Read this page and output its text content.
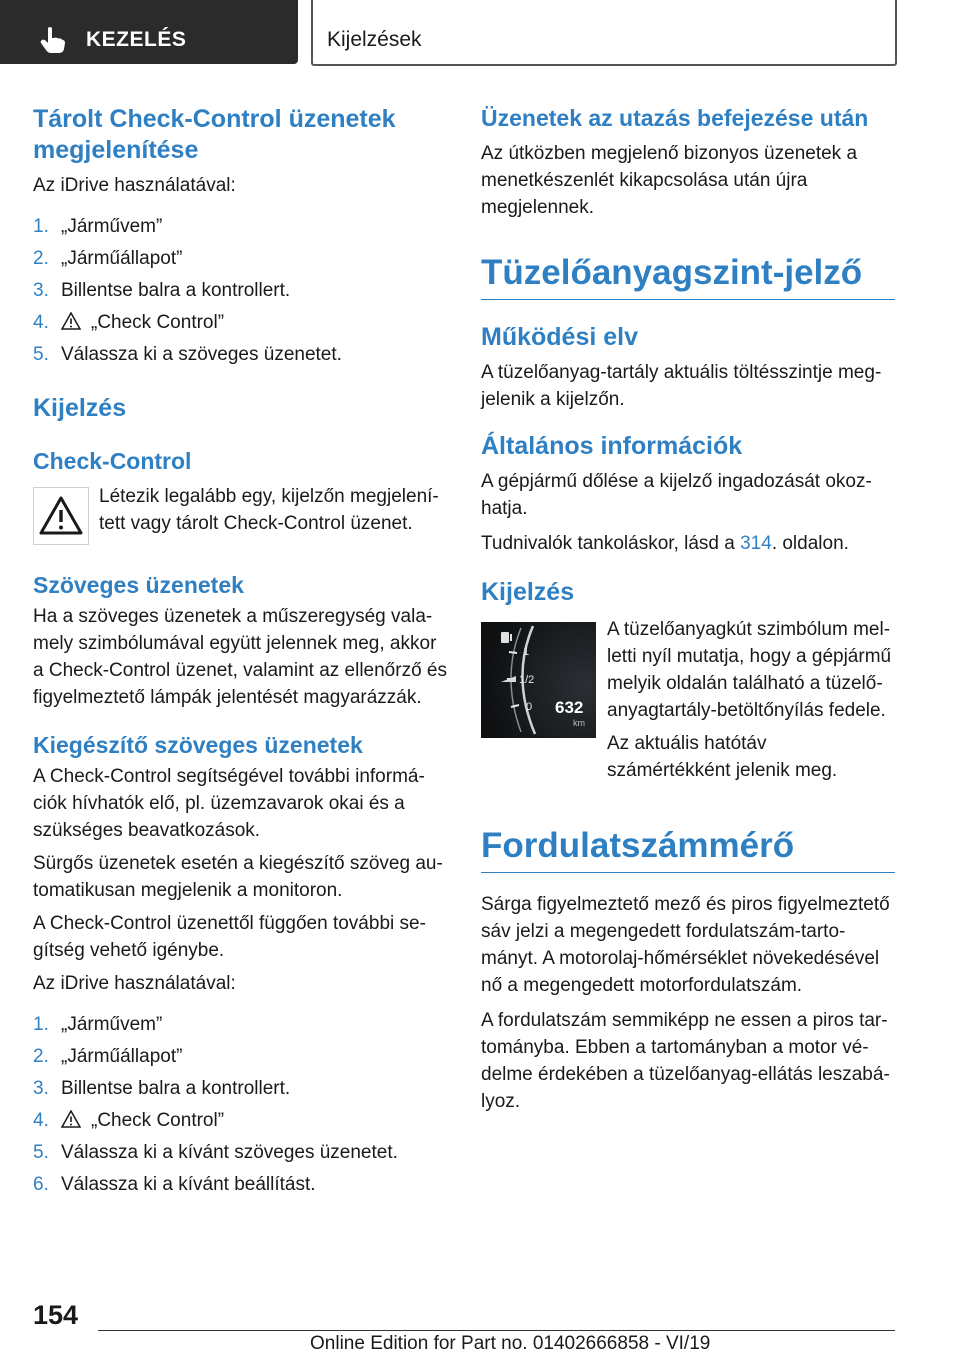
KEZELÉS	Kijelzések
Tárolt Check-Control üzenetek
megjelenítése

Az iDrive használatával:

1. „Járművem”
2. „Járműállapot”
3. Billentse balra a kontrollert.
4. „Check Control”
5. Válassza ki a szöveges üzenetet.
Kijelzés
Check-Control

Létezik legalább egy, kijelzőn megjelenített vagy tárolt Check-Control üzenet.

Szöveges üzenetek

Ha a szöveges üzenetek a műszeregység valamely szimbólumával együtt jelennek meg, akkor a Check-Control üzenet, valamint az ellenőrző és figyelmeztető lámpák jelentését magyarázzák.

Kiegészítő szöveges üzenetek

A Check-Control segítségével további információk hívhatók elő, pl. üzemzavarok okai és a szükséges beavatkozások.

Sürgős üzenetek esetén a kiegészítő szöveg automatikusan megjelenik a monitoron.

A Check-Control üzenettől függően további segítség vehető igénybe.

Az iDrive használatával:

1. „Járművem”
2. „Járműállapot”
3. Billentse balra a kontrollert.
4. „Check Control”
5. Válassza ki a kívánt szöveges üzenetet.
6. Válassza ki a kívánt beállítást.
Üzenetek az utazás befejezése után

Az útközben megjelenő bizonyos üzenetek a menetkészenlét kikapcsolása után újra megjelennek.

Tüzelőanyagszint-jelző
Működési elv

A tüzelőanyag-tartály aktuális töltésszintje megjelenik a kijelzőn.

Általános információk

A gépjármű dőlése a kijelző ingadozását okozhatja.

Tudnivalók tankoláskor, lásd a 314. oldalon.

Kijelzés
1
1/2
0 632
km

A tüzelőanyagkút szimbólum melletti nyíl mutatja, hogy a gépjármű melyik oldalán található a tüzelőanyagtartály-betöltőnyílás fedele.

Az aktuális hatótáv számértékként jelenik meg.

Fordulatszámmérő

Sárga figyelmeztető mező és piros figyelmeztető sáv jelzi a megengedett fordulatszám-tartományt. A motorolaj-hőmérséklet növekedésével nő a megengedett motorfordulatszám.

A fordulatszám semmiképp ne essen a piros tartományba. Ebben a tartományban a motor védelme érdekében a tüzelőanyag-ellátás leszabályoz.

154
Online Edition for Part no. 01402666858 - VI/19
